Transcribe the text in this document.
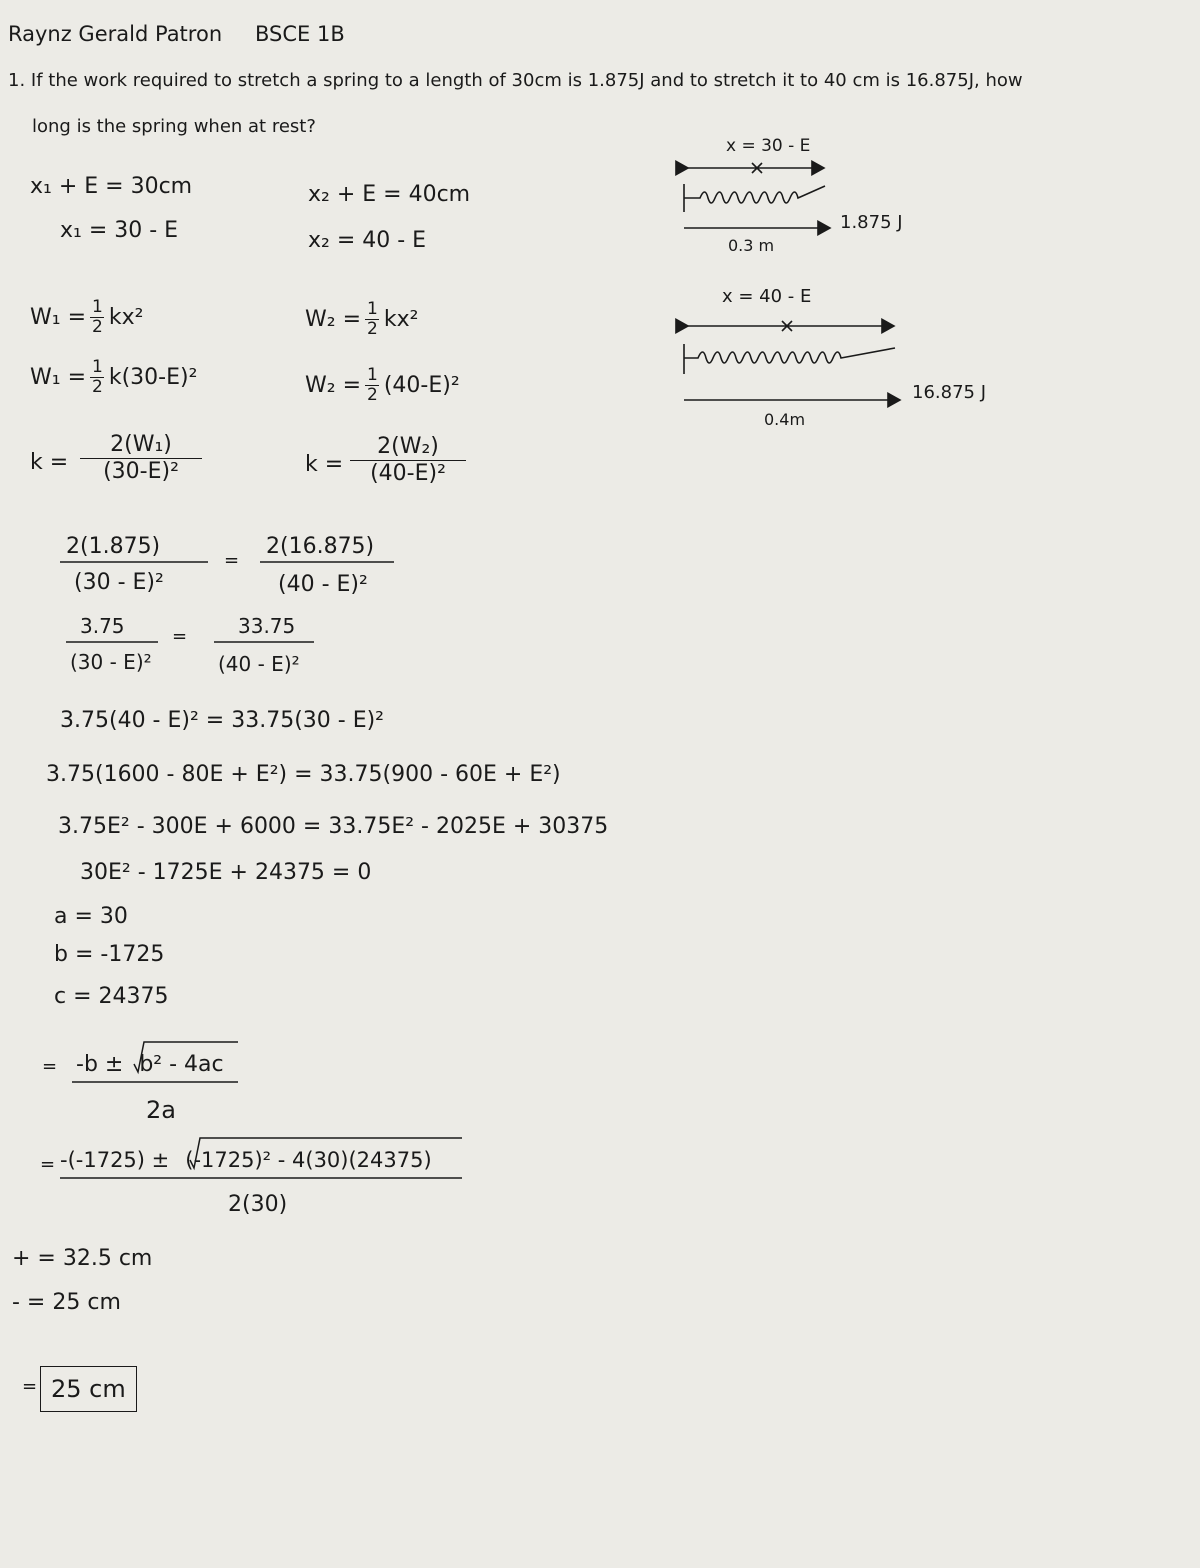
Raynz Gerald Patron BSCE 1B
1. If the work required to stretch a spring to a length of 30cm is 1.875J and to stretch it to 40 cm is 16.875J, how
long is the spring when at rest?
x₁ + E = 30cm
x₁ = 30 - E
$W_1 = \frac{1}{2} kx^2$
$W_1 = \frac{1}{2} k(30-E)^2$
k =
2(W₁)
(30-E)²
x₂ + E = 40cm
x₂ = 40 - E
$W_2 = \frac{1}{2} kx^2$
$W_2 = \frac{1}{2} (40-E)^2$
k =
2(W₂)
(40-E)²
x = 30 - E
1.875 J
0.3 m
x = 40 - E
16.875 J
0.4m
2(1.875)
(30 - E)²
=
2(16.875)
(40 - E)²
3.75
(30 - E)²
=	33.75
(40 - E)²
3.75(40 - E)² = 33.75(30 - E)²
3.75(1600 - 80E + E²) = 33.75(900 - 60E + E²)
3.75E² - 300E + 6000 = 33.75E² - 2025E + 30375
30E² - 1725E + 24375 = 0
a = 30
b = -1725
c = 24375
= -b ± b² - 4ac
2a
= -(-1725) ± (-1725)² - 4(30)(24375)
2(30)
+ = 32.5 cm
- = 25 cm
= 25 cm
